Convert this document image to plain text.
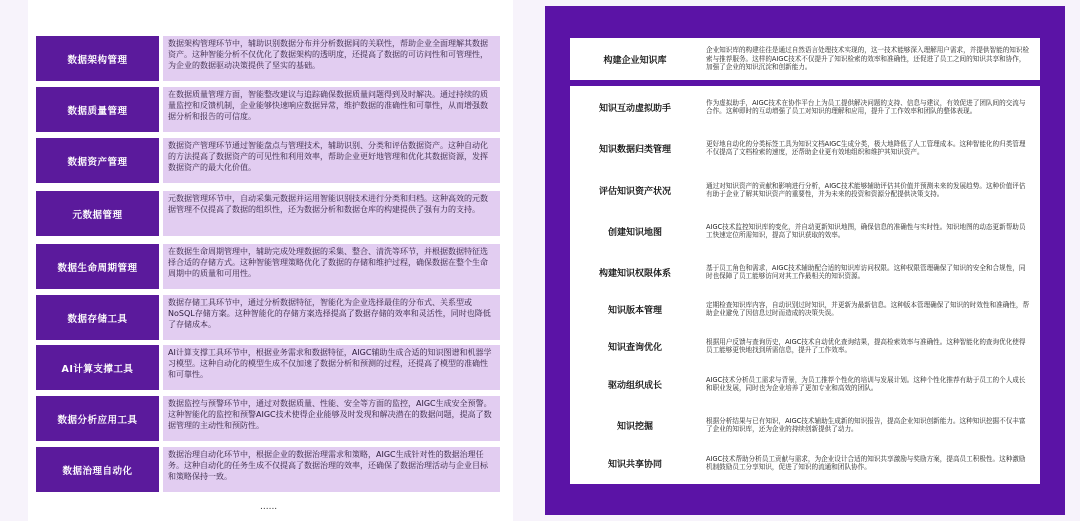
数据架构管理
数据架构管理环节中，辅助识别数据分布并分析数据间的关联性，帮助企业全面理解其数据资产。这种智能分析不仅优化了数据架构的透明度，还提高了数据的可访问性和可管理性，为企业的数据驱动决策提供了坚实的基础。
数据质量管理
在数据质量管理方面，智能整改建议与追踪确保数据质量问题得到及时解决。通过持续的质量监控和反馈机制，企业能够快速响应数据异常，维护数据的准确性和可靠性，从而增强数据分析和报告的可信度。
数据资产管理
数据资产管理环节通过智能盘点与管理技术，辅助识别、分类和评估数据资产。这种自动化的方法提高了数据资产的可见性和利用效率，帮助企业更好地管理和优化其数据资源，发挥数据资产的最大化价值。
元数据管理
元数据管理环节中，自动采集元数据并运用智能识别技术进行分类和归档。这种高效的元数据管理不仅提高了数据的组织性，还为数据分析和数据仓库的构建提供了强有力的支持。
数据生命周期管理
在数据生命周期管理中，辅助完成处理数据的采集、整合、清洗等环节，并根据数据特征选择合适的存储方式。这种智能管理策略优化了数据的存储和维护过程，确保数据在整个生命周期中的质量和可用性。
数据存储工具
数据存储工具环节中，通过分析数据特征，智能化为企业选择最佳的分布式、关系型或NoSQL存储方案。这种智能化的存储方案选择提高了数据存储的效率和灵活性，同时也降低了存储成本。
AI计算支撑工具
AI计算支撑工具环节中，根据业务需求和数据特征，AIGC辅助生成合适的知识图谱和机器学习模型。这种自动化的模型生成不仅加速了数据分析和预测的过程，还提高了模型的准确性和可靠性。
数据分析应用工具
数据监控与预警环节中，通过对数据质量、性能、安全等方面的监控，AIGC生成安全预警。这种智能化的监控和预警AIGC技术使得企业能够及时发现和解决潜在的数据问题，提高了数据管理的主动性和预防性。
数据治理自动化
数据治理自动化环节中，根据企业的数据治理需求和策略，AIGC生成针对性的数据治理任务。这种自动化的任务生成不仅提高了数据治理的效率，还确保了数据治理活动与企业目标和策略保持一致。
......
构建企业知识库
企业知识库的构建往往是通过自然语言处理技术实现的，这一技术能够深入理解用户需求，并提供智能的知识检索与推荐服务。这样的AIGC技术不仅提升了知识检索的效率和准确性，还促进了员工之间的知识共享和协作，加强了企业的知识沉淀和创新能力。
知识互动虚拟助手
作为虚拟助手，AIGC技术在协作平台上为员工提供解决问题的支持、信息与建议，有效促进了团队间的交流与合作。这种即时的互动增强了员工对知识的理解和应用，提升了工作效率和团队的整体表现。
知识数据归类管理
更好地自动化的分类标签工具为知识文档AIGC生成分类，极大地降低了人工管理成本。这种智能化的归类管理不仅提高了文档检索的速度，还帮助企业更有效地组织和维护其知识资产。
评估知识资产状况
通过对知识资产的贡献和影响进行分析，AIGC技术能够辅助评估其价值并预测未来的发展趋势。这种价值评估有助于企业了解其知识资产的重要性，并为未来的投资和资源分配提供决策支持。
创建知识地图
AIGC技术监控知识库的变化，并自动更新知识地图，确保信息的准确性与实时性。知识地图的动态更新帮助员工快速定位所需知识，提高了知识获取的效率。
构建知识权限体系
基于员工角色和需求，AIGC技术辅助配合适的知识库访问权限。这种权限管理确保了知识的安全和合规性，同时也保障了员工能够访问对其工作最相关的知识资源。
知识版本管理
定期检查知识库内容，自动识别过时知识，并更新为最新信息。这种版本管理确保了知识的时效性和准确性，帮助企业避免了因信息过时而造成的决策失误。
知识查询优化
根据用户反馈与查询历史，AIGC技术自动优化查询结果，提高检索效率与准确性。这种智能化的查询优化使得员工能够更快地找到所需信息，提升了工作效率。
驱动组织成长
AIGC技术分析员工需求与背景，为员工推荐个性化的培训与发展计划。这种个性化推荐有助于员工的个人成长和职业发展，同时也为企业培养了更加专业和高效的团队。
知识挖掘
根据分析结果与已有知识，AIGC技术辅助生成新的知识报告，提高企业知识创新能力。这种知识挖掘不仅丰富了企业的知识库，还为企业的持续创新提供了动力。
知识共享协同
AIGC技术帮助分析员工贡献与需求，为企业设计合适的知识共享激励与奖励方案，提高员工积极性。这种激励机制鼓励员工分享知识，促进了知识的流通和团队协作。
